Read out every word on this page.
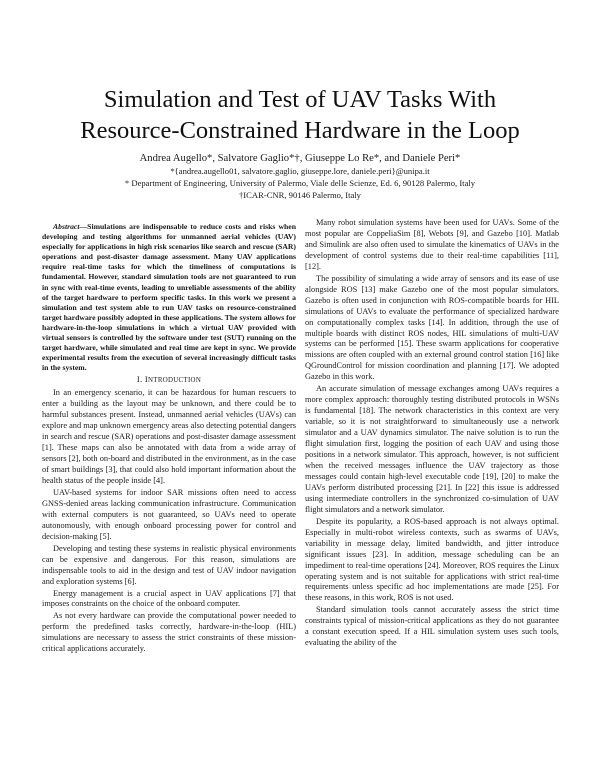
Simulation and Test of UAV Tasks With
Resource-Constrained Hardware in the Loop
Andrea Augello*, Salvatore Gaglio*†, Giuseppe Lo Re*, and Daniele Peri*
*{andrea.augello01, salvatore.gaglio, giuseppe.lore, daniele.peri}@unipa.it
* Department of Engineering, University of Palermo, Viale delle Scienze, Ed. 6, 90128 Palermo, Italy
†ICAR-CNR, 90146 Palermo, Italy

Abstract—Simulations are indispensable to reduce costs and risks when developing and testing algorithms for unmanned aerial vehicles (UAV) especially for applications in high risk scenarios like search and rescue (SAR) operations and post-disaster damage assessment. Many UAV applications require real-time tasks for which the timeliness of computations is fundamental. However, standard simulation tools are not guaranteed to run in sync with real-time events, leading to unreliable assessments of the ability of the target hardware to perform specific tasks. In this work we present a simulation and test system able to run UAV tasks on resource-constrained target hardware possibly adopted in these applications. The system allows for hardware-in-the-loop simulations in which a virtual UAV provided with virtual sensors is controlled by the software under test (SUT) running on the target hardware, while simulated and real time are kept in sync. We provide experimental results from the execution of several increasingly difficult tasks in the system.

I. INTRODUCTION

In an emergency scenario, it can be hazardous for human rescuers to enter a building as the layout may be unknown, and there could be to harmful substances present. Instead, unmanned aerial vehicles (UAVs) can explore and map unknown emergency areas also detecting potential dangers in search and rescue (SAR) operations and post-disaster damage assessment [1]. These maps can also be annotated with data from a wide array of sensors [2], both on-board and distributed in the environment, as in the case of smart buildings [3], that could also hold important information about the health status of the people inside [4].

UAV-based systems for indoor SAR missions often need to access GNSS-denied areas lacking communication infrastructure. Communication with external computers is not guaranteed, so UAVs need to operate autonomously, with enough onboard processing power for control and decision-making [5].

Developing and testing these systems in realistic physical environments can be expensive and dangerous. For this reason, simulations are indispensable tools to aid in the design and test of UAV indoor navigation and exploration systems [6].

Energy management is a crucial aspect in UAV applications [7] that imposes constraints on the choice of the onboard computer.

As not every hardware can provide the computational power needed to perform the predefined tasks correctly, hardware-in-the-loop (HIL) simulations are necessary to assess the strict constraints of these mission-critical applications accurately.

Many robot simulation systems have been used for UAVs. Some of the most popular are CoppeliaSim [8], Webots [9], and Gazebo [10]. Matlab and Simulink are also often used to simulate the kinematics of UAVs in the development of control systems due to their real-time capabilities [11], [12].

The possibility of simulating a wide array of sensors and its ease of use alongside ROS [13] make Gazebo one of the most popular simulators. Gazebo is often used in conjunction with ROS-compatible boards for HIL simulations of UAVs to evaluate the performance of specialized hardware on computationally complex tasks [14]. In addition, through the use of multiple boards with distinct ROS nodes, HIL simulations of multi-UAV systems can be performed [15]. These swarm applications for cooperative missions are often coupled with an external ground control station [16] like QGroundControl for mission coordination and planning [17]. We adopted Gazebo in this work.

An accurate simulation of message exchanges among UAVs requires a more complex approach: thoroughly testing distributed protocols in WSNs is fundamental [18]. The network characteristics in this context are very variable, so it is not straightforward to simultaneously use a network simulator and a UAV dynamics simulator. The naive solution is to run the flight simulation first, logging the position of each UAV and using those positions in a network simulator. This approach, however, is not sufficient when the received messages influence the UAV trajectory as those messages could contain high-level executable code [19], [20] to make the UAVs perform distributed processing [21]. In [22] this issue is addressed using intermediate controllers in the synchronized co-simulation of UAV flight simulators and a network simulator.

Despite its popularity, a ROS-based approach is not always optimal. Especially in multi-robot wireless contexts, such as swarms of UAVs, variability in message delay, limited bandwidth, and jitter introduce significant issues [23]. In addition, message scheduling can be an impediment to real-time operations [24]. Moreover, ROS requires the Linux operating system and is not suitable for applications with strict real-time requirements unless specific ad hoc implementations are made [25]. For these reasons, in this work, ROS is not used.

Standard simulation tools cannot accurately assess the strict time constraints typical of mission-critical applications as they do not guarantee a constant execution speed. If a HIL simulation system uses such tools, evaluating the ability of the
